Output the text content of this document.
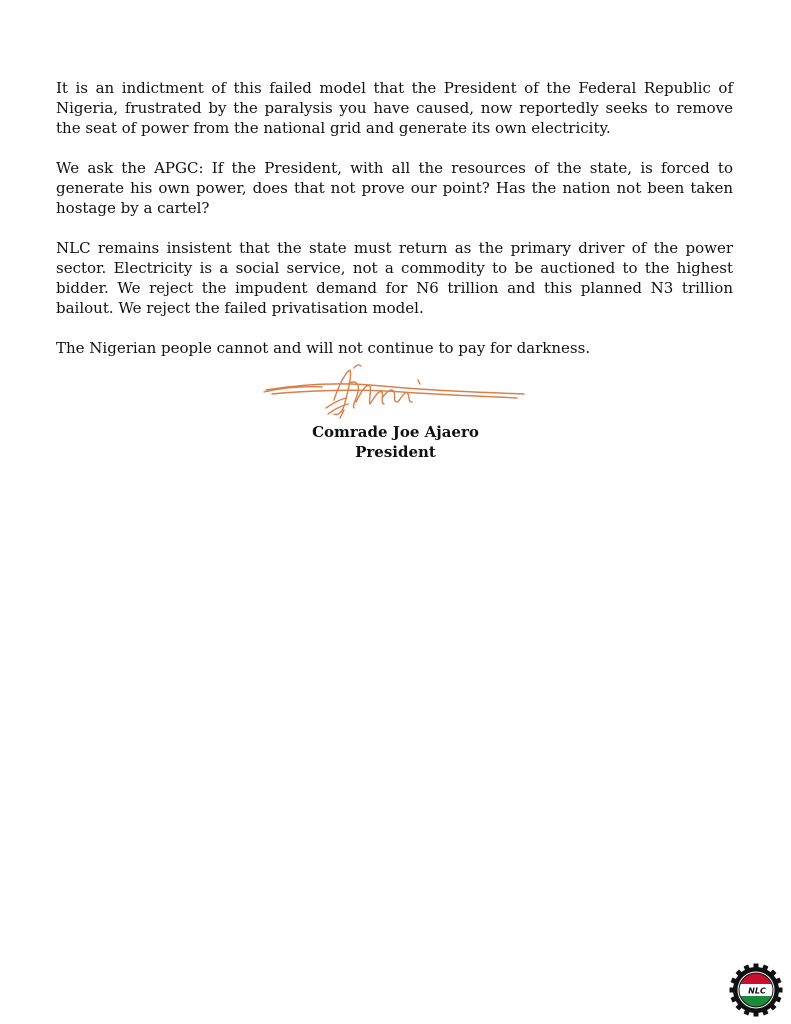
It is an indictment of this failed model that the President of the Federal Republic of Nigeria, frustrated by the paralysis you have caused, now reportedly seeks to remove the seat of power from the national grid and generate its own electricity.

We ask the APGC: If the President, with all the resources of the state, is forced to generate his own power, does that not prove our point? Has the nation not been taken hostage by a cartel?

NLC remains insistent that the state must return as the primary driver of the power sector. Electricity is a social service, not a commodity to be auctioned to the highest bidder. We reject the impudent demand for N6 trillion and this planned N3 trillion bailout. We reject the failed privatisation model.

The Nigerian people cannot and will not continue to pay for darkness.

Comrade Joe Ajaero
President
NLC
